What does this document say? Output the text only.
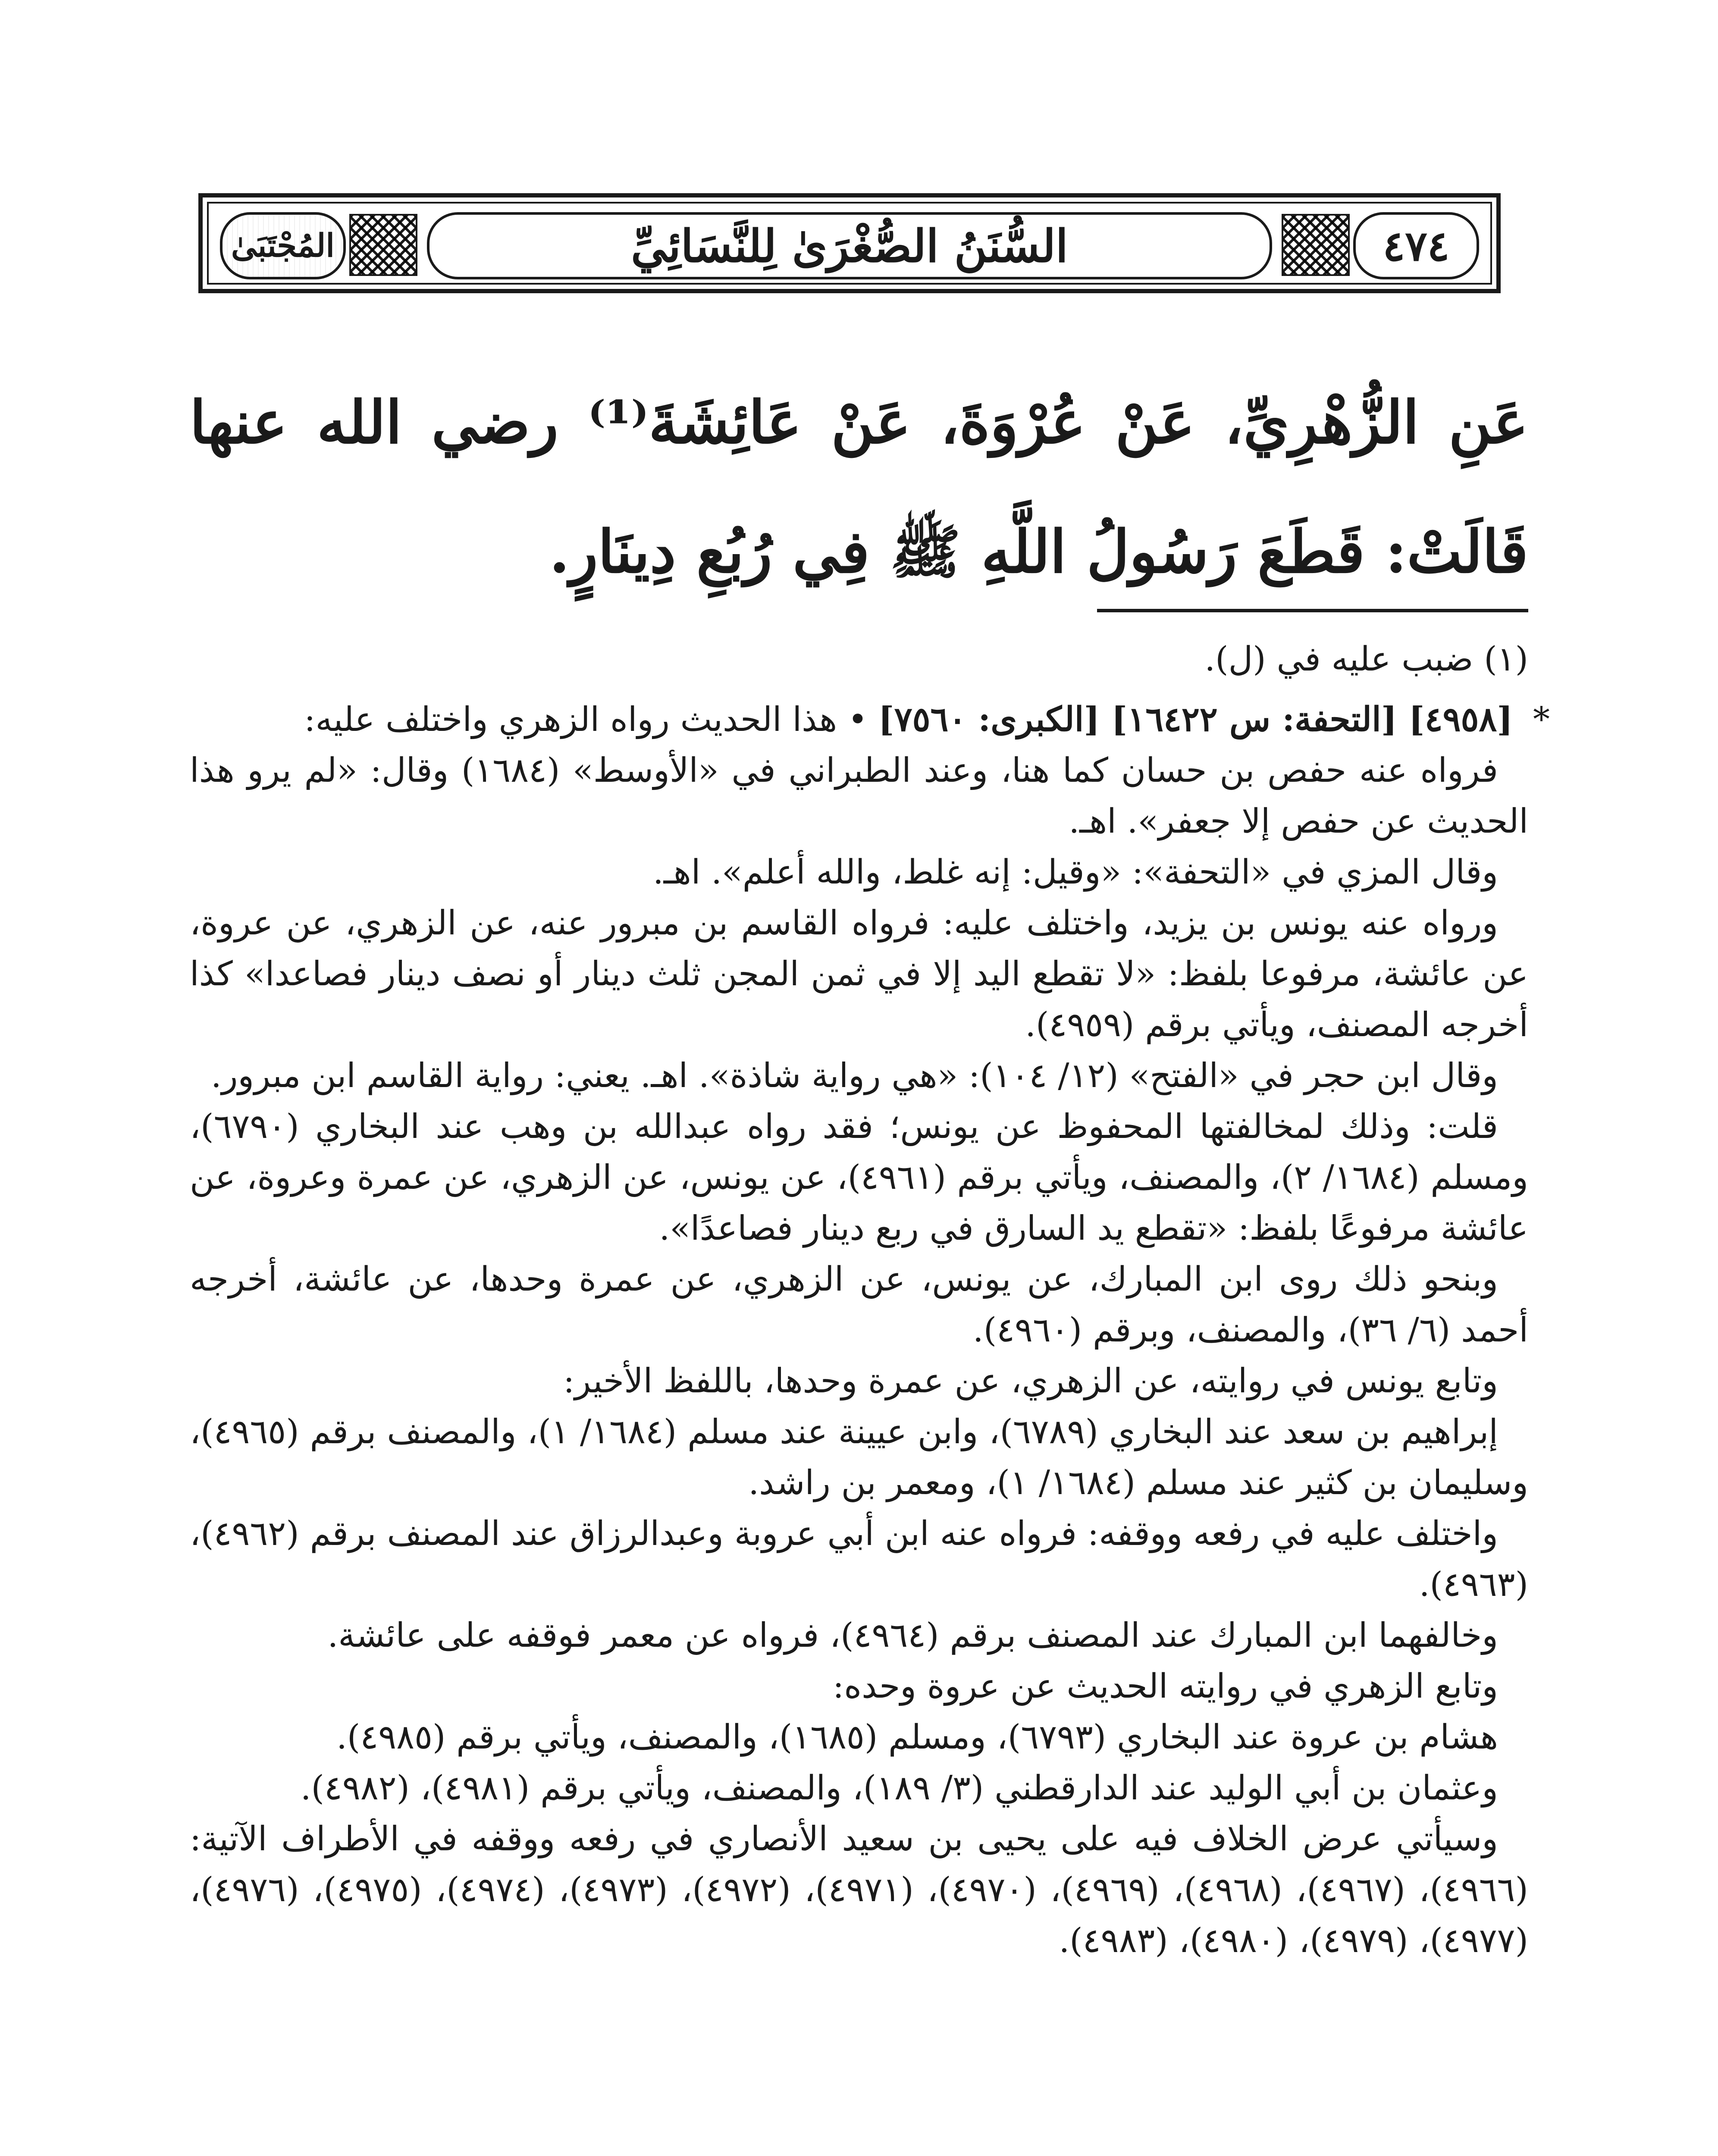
٤٧٤
السُّنَنُ الصُّغْرَىٰ لِلنَّسَائِيِّ
المُجْتَبَىٰ

عَنِ الزُّهْرِيِّ، عَنْ عُرْوَةَ، عَنْ عَائِشَةَ⁽¹⁾ رضي الله عنها قَالَتْ: قَطَعَ رَسُولُ اللَّهِ ﷺ فِي رُبُعِ دِينَارٍ.

(١) ضبب عليه في (ل).

* [٤٩٥٨] [التحفة: س ١٦٤٢٢] [الكبرى: ٧٥٦٠] • هذا الحديث رواه الزهري واختلف عليه:

فرواه عنه حفص بن حسان كما هنا، وعند الطبراني في «الأوسط» (١٦٨٤) وقال: «لم يرو هذا الحديث عن حفص إلا جعفر». اهـ.

وقال المزي في «التحفة»: «وقيل: إنه غلط، والله أعلم». اهـ.

ورواه عنه يونس بن يزيد، واختلف عليه: فرواه القاسم بن مبرور عنه، عن الزهري، عن عروة، عن عائشة، مرفوعا بلفظ: «لا تقطع اليد إلا في ثمن المجن ثلث دينار أو نصف دينار فصاعدا» كذا أخرجه المصنف، ويأتي برقم (٤٩٥٩).

وقال ابن حجر في «الفتح» (١٢/ ١٠٤): «هي رواية شاذة». اهـ. يعني: رواية القاسم ابن مبرور.

قلت: وذلك لمخالفتها المحفوظ عن يونس؛ فقد رواه عبدالله بن وهب عند البخاري (٦٧٩٠)، ومسلم (١٦٨٤/ ٢)، والمصنف، ويأتي برقم (٤٩٦١)، عن يونس، عن الزهري، عن عمرة وعروة، عن عائشة مرفوعًا بلفظ: «تقطع يد السارق في ربع دينار فصاعدًا».

وبنحو ذلك روى ابن المبارك، عن يونس، عن الزهري، عن عمرة وحدها، عن عائشة، أخرجه أحمد (٦/ ٣٦)، والمصنف، وبرقم (٤٩٦٠).

وتابع يونس في روايته، عن الزهري، عن عمرة وحدها، باللفظ الأخير:

إبراهيم بن سعد عند البخاري (٦٧٨٩)، وابن عيينة عند مسلم (١٦٨٤/ ١)، والمصنف برقم (٤٩٦٥)، وسليمان بن كثير عند مسلم (١٦٨٤/ ١)، ومعمر بن راشد.

واختلف عليه في رفعه ووقفه: فرواه عنه ابن أبي عروبة وعبدالرزاق عند المصنف برقم (٤٩٦٢)، (٤٩٦٣).

وخالفهما ابن المبارك عند المصنف برقم (٤٩٦٤)، فرواه عن معمر فوقفه على عائشة.

وتابع الزهري في روايته الحديث عن عروة وحده:

هشام بن عروة عند البخاري (٦٧٩٣)، ومسلم (١٦٨٥)، والمصنف، ويأتي برقم (٤٩٨٥).

وعثمان بن أبي الوليد عند الدارقطني (٣/ ١٨٩)، والمصنف، ويأتي برقم (٤٩٨١)، (٤٩٨٢).

وسيأتي عرض الخلاف فيه على يحيى بن سعيد الأنصاري في رفعه ووقفه في الأطراف الآتية: (٤٩٦٦)، (٤٩٦٧)، (٤٩٦٨)، (٤٩٦٩)، (٤٩٧٠)، (٤٩٧١)، (٤٩٧٢)، (٤٩٧٣)، (٤٩٧٤)، (٤٩٧٥)، (٤٩٧٦)، (٤٩٧٧)، (٤٩٧٩)، (٤٩٨٠)، (٤٩٨٣).
